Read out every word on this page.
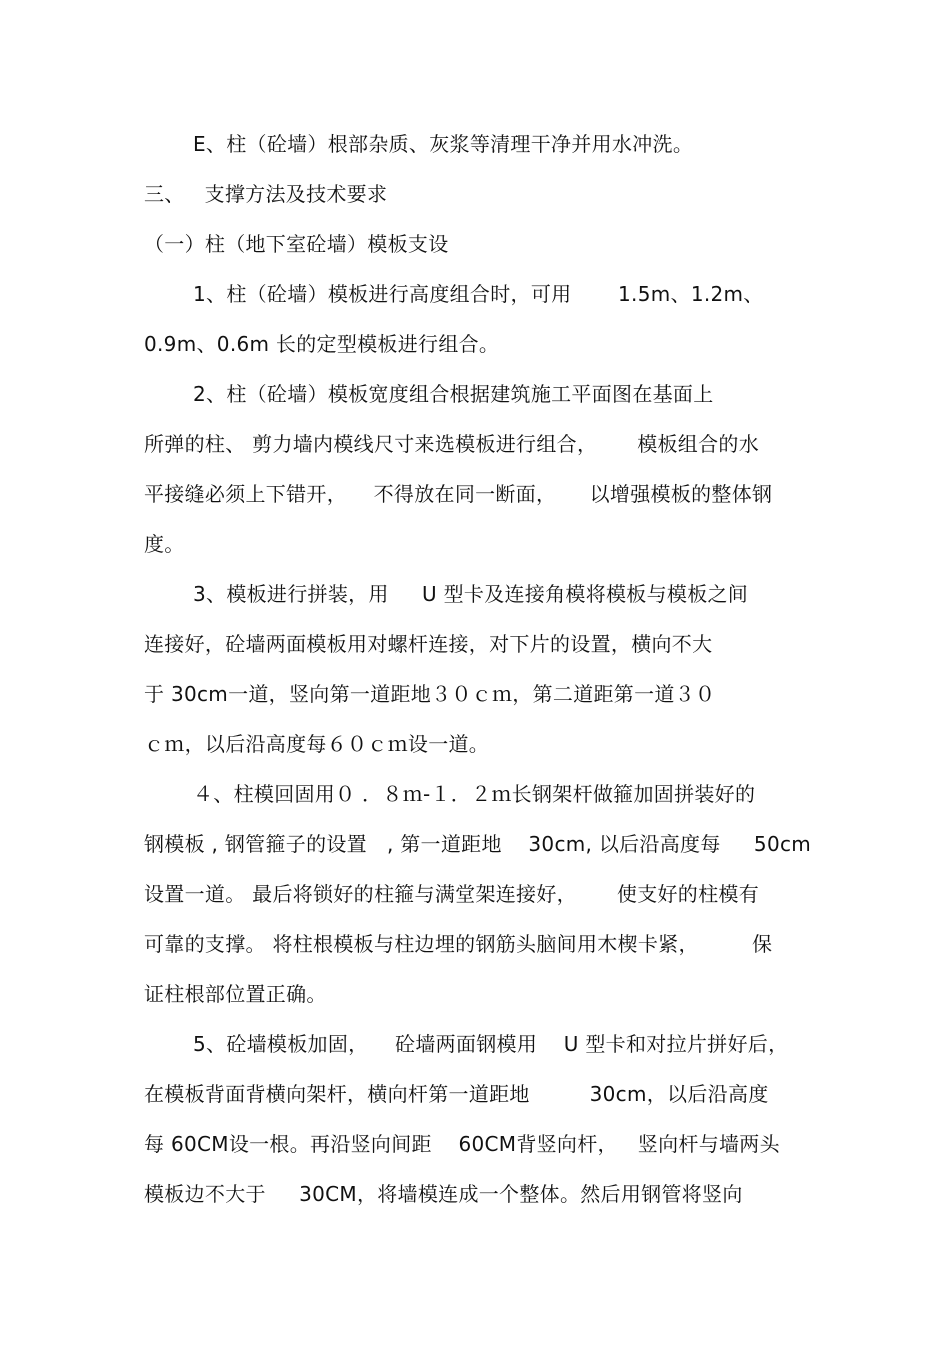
E、柱（砼墙）根部杂质、灰浆等清理干净并用水冲洗。
三、   支撑方法及技术要求
（一）柱（地下室砼墙）模板支设
1、柱（砼墙）模板进行高度组合时，可用       1.5m、1.2m、
0.9m、0.6m 长的定型模板进行组合。
2、柱（砼墙）模板宽度组合根据建筑施工平面图在基面上
所弹的柱、 剪力墙内模线尺寸来选模板进行组合，      模板组合的水
平接缝必须上下错开，    不得放在同一断面，     以增强模板的整体钢
度。
3、模板进行拼装，用     U 型卡及连接角模将模板与模板之间
连接好，砼墙两面模板用对螺杆连接，对下片的设置，横向不大
于 30cm一道，竖向第一道距地３０ｃｍ，第二道距第一道３０
ｃｍ，以后沿高度每６０ｃｍ设一道。
４、柱模回固用０ ．８ｍ-１．２ｍ长钢架杆做箍加固拼装好的
钢模板 , 钢管箍子的设置   , 第一道距地    30cm, 以后沿高度每     50cm
设置一道。 最后将锁好的柱箍与满堂架连接好，      使支好的柱模有
可靠的支撑。 将柱根模板与柱边埋的钢筋头脑间用木楔卡紧，        保
证柱根部位置正确。
5、砼墙模板加固，    砼墙两面钢模用    U 型卡和对拉片拼好后，
在模板背面背横向架杆，横向杆第一道距地         30cm，以后沿高度
每 60CM设一根。再沿竖向间距    60CM背竖向杆，   竖向杆与墙两头
模板边不大于     30CM，将墙模连成一个整体。然后用钢管将竖向
